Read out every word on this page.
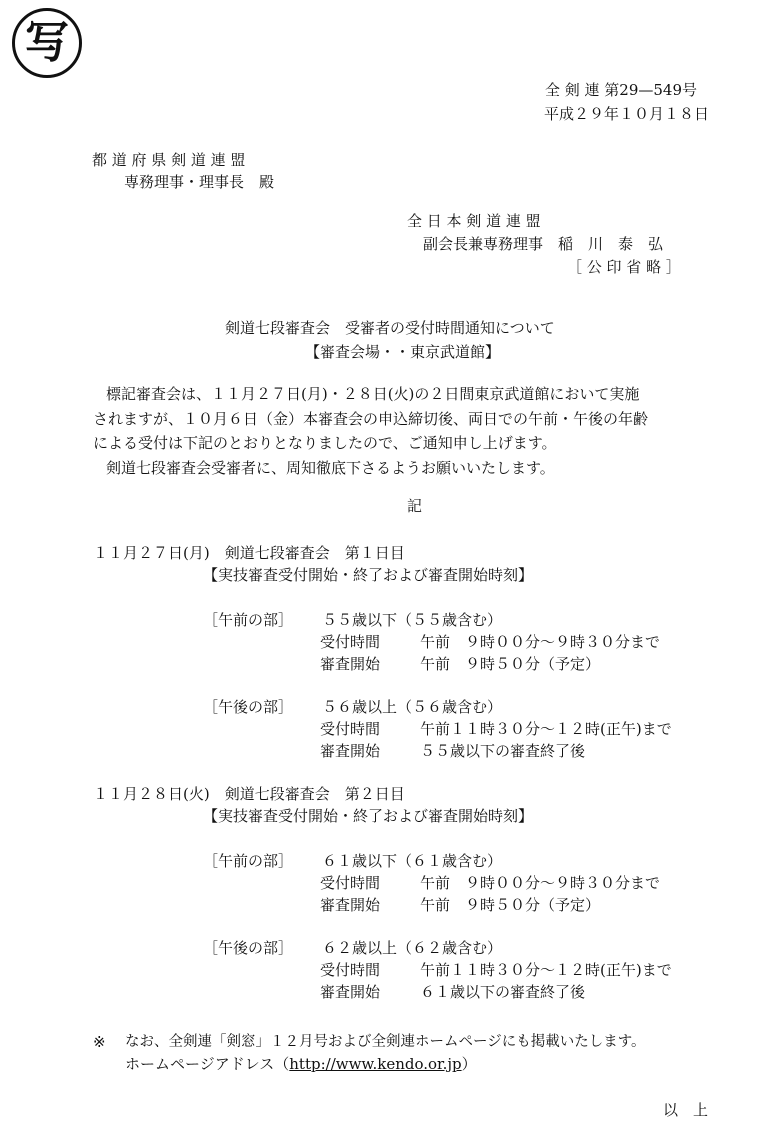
写
全 剣 連 第29—549号
平成２９年１０月１８日
都 道 府 県 剣 道 連 盟
専務理事・理事長　殿
全 日 本 剣 道 連 盟
副会長兼専務理事　稲　川　泰　弘
［ 公 印 省 略 ］
剣道七段審査会　受審者の受付時間通知について
【審査会場・・東京武道館】
標記審査会は、１１月２７日(月)・２８日(火)の２日間東京武道館において実施
されますが、１０月６日（金）本審査会の申込締切後、両日での午前・午後の年齢
による受付は下記のとおりとなりましたので、ご通知申し上げます。
剣道七段審査会受審者に、周知徹底下さるようお願いいたします。
記
１１月２７日(月)　剣道七段審査会　第１日目
【実技審査受付開始・終了および審査開始時刻】
［午前の部］ ５５歳以下（５５歳含む）
受付時間	午前　９時００分～９時３０分まで
審査開始	午前　９時５０分（予定）
［午後の部］ ５６歳以上（５６歳含む）
受付時間	午前１１時３０分～１２時(正午)まで
審査開始	５５歳以下の審査終了後
１１月２８日(火)　剣道七段審査会　第２日目
【実技審査受付開始・終了および審査開始時刻】
［午前の部］ ６１歳以下（６１歳含む）
受付時間	午前　９時００分～９時３０分まで
審査開始	午前　９時５０分（予定）
［午後の部］ ６２歳以上（６２歳含む）
受付時間	午前１１時３０分～１２時(正午)まで
審査開始	６１歳以下の審査終了後
※ なお、全剣連「剣窓」１２月号および全剣連ホームページにも掲載いたします。
ホームページアドレス（http://www.kendo.or.jp）
以　上
